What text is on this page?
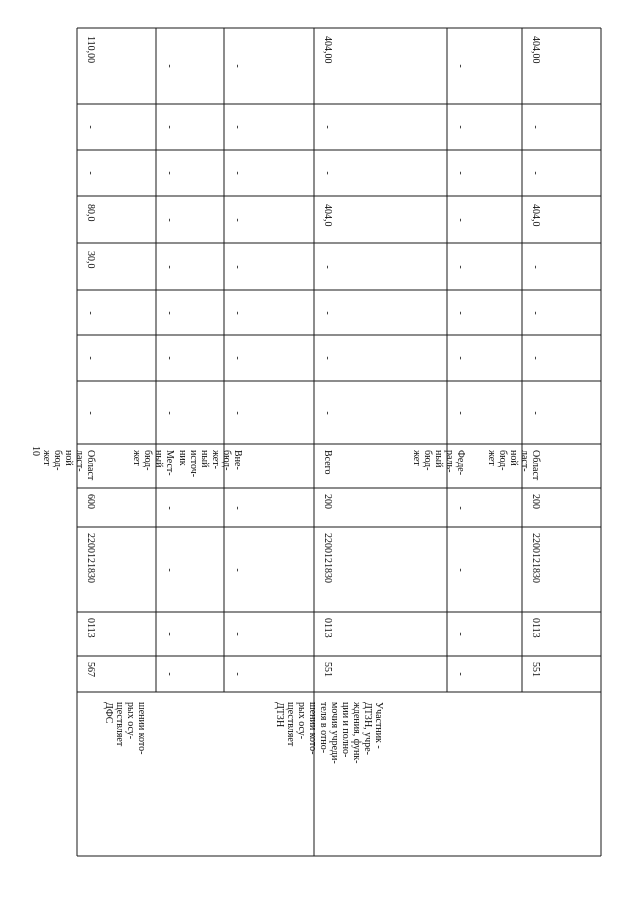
10
шении кото-
рых осу-
ществляет
ДФС
567
0113
2200121830
600
Област
ласт-
ной
бюд-
жет
-
-
-
30,0
80,0
-
-
110,00
-
-
-
-
Мест-
ный
бюд-
жет
-
-
-
-
-
-
-
-
-
-
-
-
Вне-
бюд-
жет-
ный
источ-
ник
-
-
-
-
-
-
-
-
Участник -
ДТЗН, учре-
ждения, функ-
ции и полно-
мочия учреди-
теля в отно-
шении кото-
рых осу-
ществляет
ДТЗН
551
0113
2200121830
200
Всего
-
-
-
-
404,0
-
-
404,00
-
-
-
-
Феде-
раль-
ный
бюд-
жет
-
-
-
-
-
-
-
-
551
0113
2200121830
200
Област
ласт-
ной
бюд-
жет
-
-
-
-
404,0
-
-
404,00
